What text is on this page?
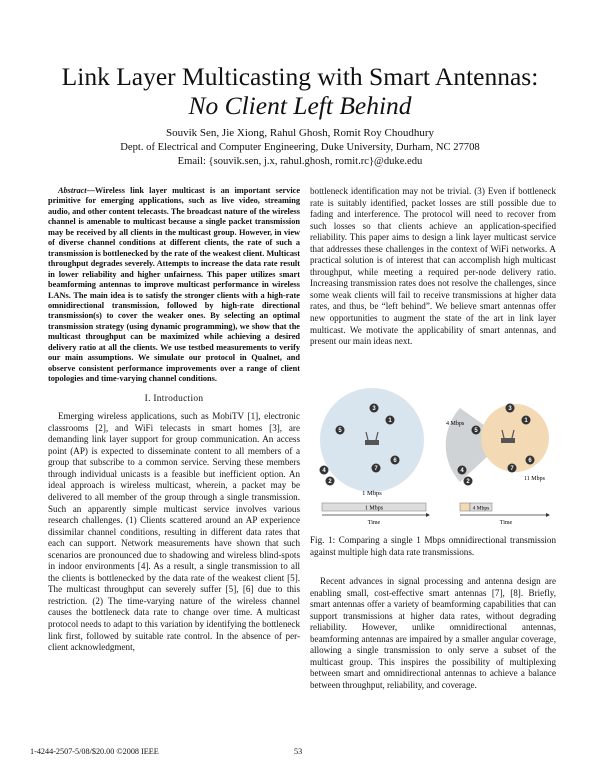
Link Layer Multicasting with Smart Antennas:
No Client Left Behind
Souvik Sen, Jie Xiong, Rahul Ghosh, Romit Roy Choudhury
Dept. of Electrical and Computer Engineering, Duke University, Durham, NC 27708
Email: {souvik.sen, j.x, rahul.ghosh, romit.rc}@duke.edu
Abstract—Wireless link layer multicast is an important service primitive for emerging applications, such as live video, streaming audio, and other content telecasts. The broadcast nature of the wireless channel is amenable to multicast because a single packet transmission may be received by all clients in the multicast group. However, in view of diverse channel conditions at different clients, the rate of such a transmission is bottlenecked by the rate of the weakest client. Multicast throughput degrades severely. Attempts to increase the data rate result in lower reliability and higher unfairness. This paper utilizes smart beamforming antennas to improve multicast performance in wireless LANs. The main idea is to satisfy the stronger clients with a high-rate omnidirectional transmission, followed by high-rate directional transmission(s) to cover the weaker ones. By selecting an optimal transmission strategy (using dynamic programming), we show that the multicast throughput can be maximized while achieving a desired delivery ratio at all the clients. We use testbed measurements to verify our main assumptions. We simulate our protocol in Qualnet, and observe consistent performance improvements over a range of client topologies and time-varying channel conditions.
I. Introduction

Emerging wireless applications, such as MobiTV [1], electronic classrooms [2], and WiFi telecasts in smart homes [3], are demanding link layer support for group communication. An access point (AP) is expected to disseminate content to all members of a group that subscribe to a common service. Serving these members through individual unicasts is a feasible but inefficient option. An ideal approach is wireless multicast, wherein, a packet may be delivered to all member of the group through a single transmission. Such an apparently simple multicast service involves various research challenges. (1) Clients scattered around an AP experience dissimilar channel conditions, resulting in different data rates that each can support. Network measurements have shown that such scenarios are pronounced due to shadowing and wireless blind-spots in indoor environments [4]. As a result, a single transmission to all the clients is bottlenecked by the data rate of the weakest client [5]. The multicast throughput can severely suffer [5], [6] due to this restriction. (2) The time-varying nature of the wireless channel causes the bottleneck data rate to change over time. A multicast protocol needs to adapt to this variation by identifying the bottleneck link first, followed by suitable rate control. In the absence of per-client acknowledgment,

bottleneck identification may not be trivial. (3) Even if bottleneck rate is suitably identified, packet losses are still possible due to fading and interference. The protocol will need to recover from such losses so that clients achieve an application-specified reliability. This paper aims to design a link layer multicast service that addresses these challenges in the context of WiFi networks. A practical solution is of interest that can accomplish high multicast throughput, while meeting a required per-node delivery ratio. Increasing transmission rates does not resolve the challenges, since some weak clients will fail to receive transmissions at higher data rates, and thus, be “left behind”. We believe smart antennas offer new opportunities to augment the state of the art in link layer multicast. We motivate the applicability of smart antennas, and present our main ideas next.

3
1
5
6
7
4
2
1 Mbps
1 Mbps
Time
3
1
5
6
7
4
2
4 Mbps
11 Mbps
4 Mbps
Time
Fig. 1: Comparing a single 1 Mbps omnidirectional transmission against multiple high data rate transmissions.

Recent advances in signal processing and antenna design are enabling small, cost-effective smart antennas [7], [8]. Briefly, smart antennas offer a variety of beamforming capabilities that can support transmissions at higher data rates, without degrading reliability. However, unlike omnidirectional antennas, beamforming antennas are impaired by a smaller angular coverage, allowing a single transmission to only serve a subset of the multicast group. This inspires the possibility of multiplexing between smart and omnidirectional antennas to achieve a balance between throughput, reliability, and coverage.

1-4244-2507-5/08/$20.00 ©2008 IEEE	53
